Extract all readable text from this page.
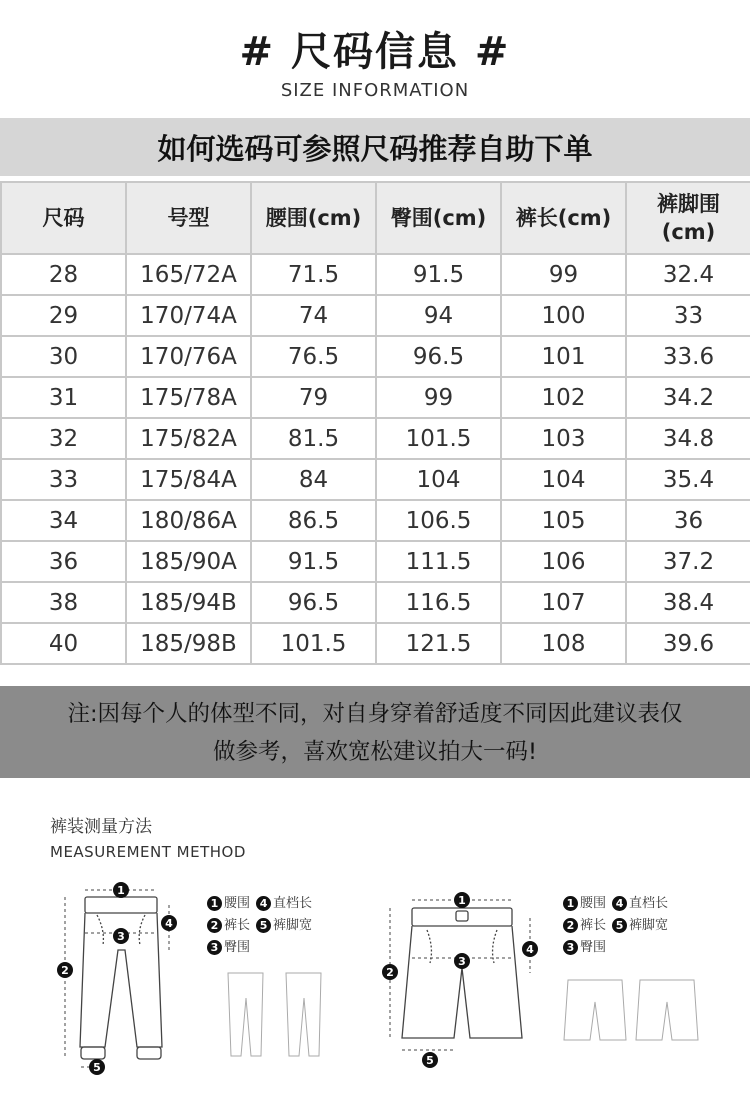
# 尺码信息 #
SIZE INFORMATION
如何选码可参照尺码推荐自助下单
尺码	号型	腰围(cm)	臀围(cm)	裤长(cm)	裤脚围
(cm)
28	165/72A	71.5	91.5	99	32.4
29	170/74A	74	94	100	33
30	170/76A	76.5	96.5	101	33.6
31	175/78A	79	99	102	34.2
32	175/82A	81.5	101.5	103	34.8
33	175/84A	84	104	104	35.4
34	180/86A	86.5	106.5	105	36
36	185/90A	91.5	111.5	106	37.2
38	185/94B	96.5	116.5	107	38.4
40	185/98B	101.5	121.5	108	39.6
注:因每个人的体型不同，对自身穿着舒适度不同因此建议表仅
做参考，喜欢宽松建议拍大一码!
裤装测量方法
MEASUREMENT METHOD
1
2
3
4
5
1 腰围 4 直档长
2 裤长 5 裤脚宽
3 臀围
1
2
3
4
5
1 腰围 4 直档长
2 裤长 5 裤脚宽
3 臀围
